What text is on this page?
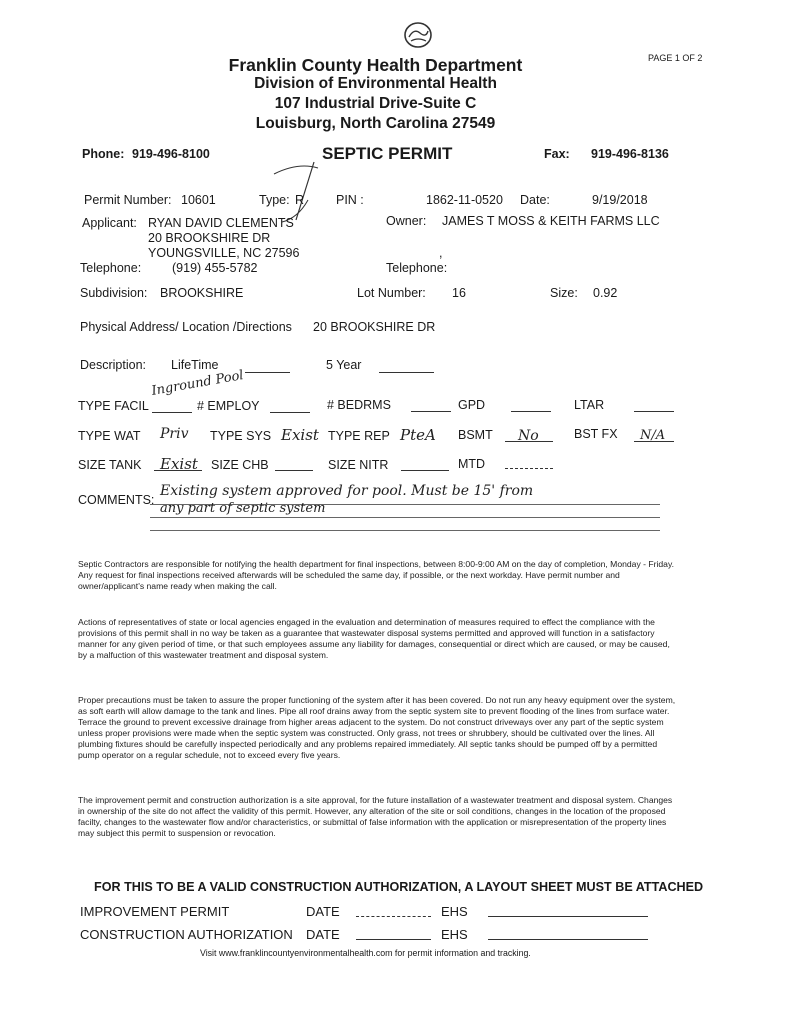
PAGE 1 OF 2
Franklin County Health Department
Division of Environmental Health
107 Industrial Drive-Suite C
Louisburg, North Carolina 27549
Phone: 919-496-8100	SEPTIC PERMIT	Fax: 919-496-8136
Permit Number: 10601	Type: R	PIN :	1862-11-0520 Date:	9/19/2018
Applicant: RYAN DAVID CLEMENTS
20 BROOKSHIRE DR
YOUNGSVILLE, NC 27596
Telephone: (919) 455-5782
Owner: JAMES T MOSS & KEITH FARMS LLC
,
Telephone:
Subdivision: BROOKSHIRE	Lot Number: 16	Size: 0.92
Physical Address/ Location /Directions 20 BROOKSHIRE DR
Description: LifeTime	5 Year
Inground Pool
TYPE FACIL	# EMPLOY	# BEDRMS	GPD	LTAR
TYPE WAT Priv TYPE SYS Exist TYPE REP PteA BSMT No	BST FX N/A
SIZE TANK Exist SIZE CHB	SIZE NITR	MTD
COMMENTS:
Existing system approved for pool. Must be 15' from
any part of septic system
Septic Contractors are responsible for notifying the health department for final inspections, between 8:00-9:00 AM on the day of completion, Monday - Friday. Any request for final inspections received afterwards will be scheduled the same day, if possible, or the next workday. Have permit number and owner/applicant's name ready when making the call.
Actions of representatives of state or local agencies engaged in the evaluation and determination of measures required to effect the compliance with the provisions of this permit shall in no way be taken as a guarantee that wastewater disposal systems permitted and approved will function in a satisfactory manner for any given period of time, or that such employees assume any liability for damages, consequential or direct which are caused, or may be caused, by a malfuction of this wastewater treatment and disposal system.
Proper precautions must be taken to assure the proper functioning of the system after it has been covered. Do not run any heavy equipment over the system, as soft earth will allow damage to the tank and lines. Pipe all roof drains away from the septic system site to prevent flooding of the lines from surface water. Terrace the ground to prevent excessive drainage from higher areas adjacent to the system. Do not construct driveways over any part of the septic system unless proper provisions were made when the septic system was constructed. Only grass, not trees or shrubbery, should be cultivated over the lines. All plumbing fixtures should be carefully inspected periodically and any problems repaired immediately. All septic tanks should be pumped off by a permitted pump operator on a regular schedule, not to exceed every five years.
The improvement permit and construction authorization is a site approval, for the future installation of a wastewater treatment and disposal system. Changes in ownership of the site do not affect the validity of this permit. However, any alteration of the site or soil conditions, changes in the location of the proposed facilty, changes to the wastewater flow and/or characteristics, or submittal of false information with the application or misrepresentation of the property lines may subject this permit to suspension or revocation.
FOR THIS TO BE A VALID CONSTRUCTION AUTHORIZATION, A LAYOUT SHEET MUST BE ATTACHED
IMPROVEMENT PERMIT	DATE	EHS
CONSTRUCTION AUTHORIZATION DATE	EHS
Visit www.franklincountyenvironmentalhealth.com for permit information and tracking.
